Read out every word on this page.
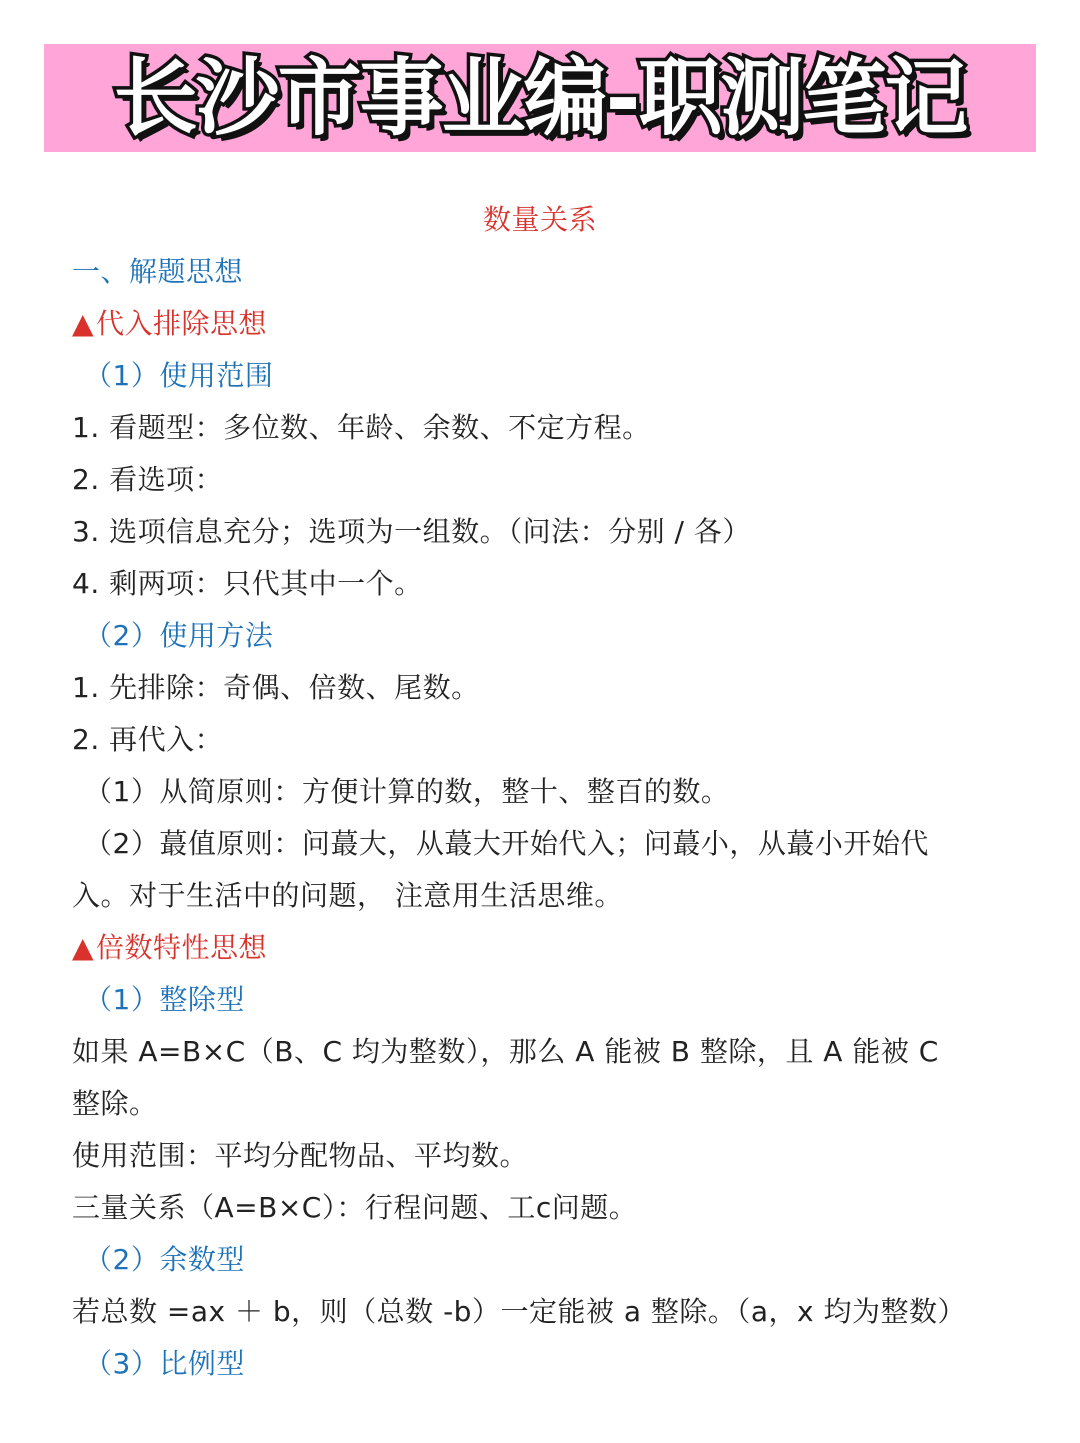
长沙市事业编-职测笔记
数量关系
一、解题思想
▲代入排除思想
（1）使用范围
1. 看题型：多位数、年龄、余数、不定方程。
2. 看选项：
3. 选项信息充分；选项为一组数。（问法：分别 / 各）
4. 剩两项：只代其中一个。
（2）使用方法
1. 先排除：奇偶、倍数、尾数。
2. 再代入：
（1）从简原则：方便计算的数，整十、整百的数。
（2）蕞值原则：问蕞大，从蕞大开始代入；问蕞小，从蕞小开始代
入。对于生活中的问题， 注意用生活思维。
▲倍数特性思想
（1）整除型
如果 A=B×C（B、C 均为整数），那么 A 能被 B 整除，且 A 能被 C
整除。
使用范围：平均分配物品、平均数。
三量关系（A=B×C）：行程问题、工c问题。
（2）余数型
若总数 =ax ＋ b，则（总数 -b）一定能被 a 整除。（a，x 均为整数）
（3）比例型
